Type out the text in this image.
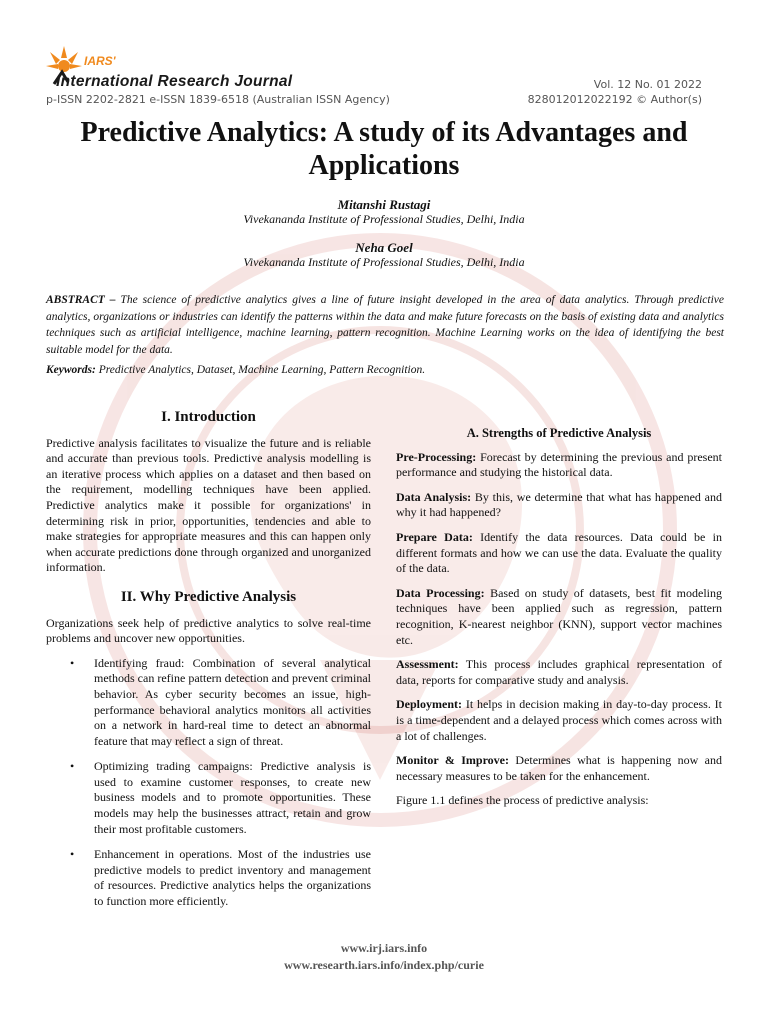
IARS'
International Research Journal
p-ISSN 2202-2821 e-ISSN 1839-6518 (Australian ISSN Agency)
Vol. 12 No. 01 2022
828012012022192 © Author(s)
Predictive Analytics: A study of its Advantages and Applications
Mitanshi Rustagi
Vivekananda Institute of Professional Studies, Delhi, India
Neha Goel
Vivekananda Institute of Professional Studies, Delhi, India
ABSTRACT – The science of predictive analytics gives a line of future insight developed in the area of data analytics. Through predictive analytics, organizations or industries can identify the patterns within the data and make future forecasts on the basis of existing data and analytics techniques such as artificial intelligence, machine learning, pattern recognition. Machine Learning works on the idea of identifying the best suitable model for the data.
Keywords: Predictive Analytics, Dataset, Machine Learning, Pattern Recognition.
I. Introduction

Predictive analysis facilitates to visualize the future and is reliable and accurate than previous tools. Predictive analysis modelling is an iterative process which applies on a dataset and then based on the requirement, modelling techniques have been applied. Predictive analytics make it possible for organizations' in determining risk in prior, opportunities, tendencies and able to make strategies for appropriate measures and this can happen only when accurate predictions done through organized and unorganized information.

II. Why Predictive Analysis

Organizations seek help of predictive analytics to solve real-time problems and uncover new opportunities.

• Identifying fraud: Combination of several analytical methods can refine pattern detection and prevent criminal behavior. As cyber security becomes an issue, high-performance behavioral analytics monitors all activities on a network in hard-real time to detect an abnormal feature that may reflect a sign of threat.
• Optimizing trading campaigns: Predictive analysis is used to examine customer responses, to create new business models and to promote opportunities. These models may help the businesses attract, retain and grow their most profitable customers.
• Enhancement in operations. Most of the industries use predictive models to predict inventory and management of resources. Predictive analytics helps the organizations to function more efficiently.
A. Strengths of Predictive Analysis

Pre-Processing: Forecast by determining the previous and present performance and studying the historical data.

Data Analysis: By this, we determine that what has happened and why it had happened?

Prepare Data: Identify the data resources. Data could be in different formats and how we can use the data. Evaluate the quality of the data.

Data Processing: Based on study of datasets, best fit modeling techniques have been applied such as regression, pattern recognition, K-nearest neighbor (KNN), support vector machines etc.

Assessment: This process includes graphical representation of data, reports for comparative study and analysis.

Deployment: It helps in decision making in day-to-day process. It is a time-dependent and a delayed process which comes across with a lot of challenges.

Monitor & Improve: Determines what is happening now and necessary measures to be taken for the enhancement.

Figure 1.1 defines the process of predictive analysis:

www.irj.iars.info
www.researth.iars.info/index.php/curie
